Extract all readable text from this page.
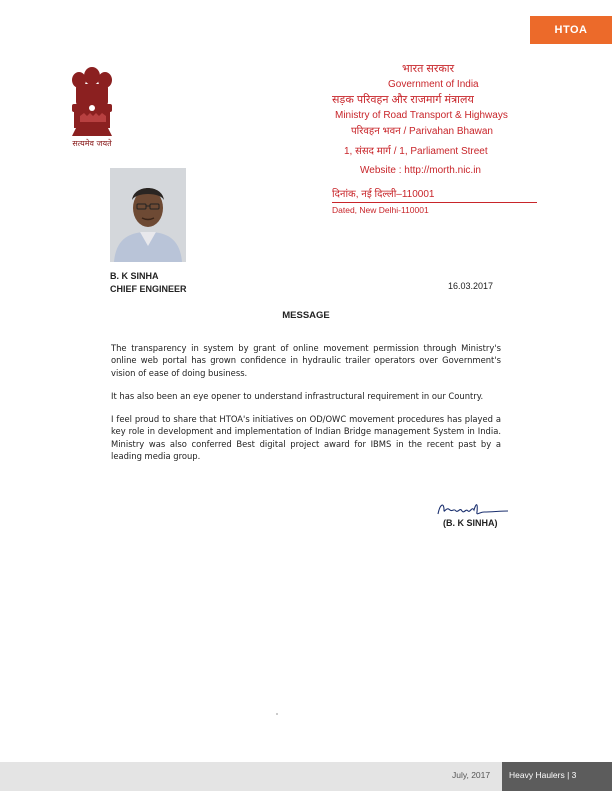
HTOA
सत्यमेव जयते
भारत सरकार
Government of India
सड़क परिवहन और राजमार्ग मंत्रालय
Ministry of Road Transport & Highways
परिवहन भवन / Parivahan Bhawan
1, संसद मार्ग / 1, Parliament Street
Website : http://morth.nic.in
दिनांक, नई दिल्ली–110001
Dated, New Delhi-110001
B. K SINHA
CHIEF ENGINEER	16.03.2017
MESSAGE

The transparency in system by grant of online movement permission through Ministry's online web portal has grown confidence in hydraulic trailer operators over Government's vision of ease of doing business.

It has also been an eye opener to understand infrastructural requirement in our Country.

I feel proud to share that HTOA's initiatives on OD/OWC movement procedures has played a key role in development and implementation of Indian Bridge management System in India. Ministry was also conferred Best digital project award for IBMS in the recent past by a leading media group.

(B. K SINHA)
July, 2017 Heavy Haulers | 3
